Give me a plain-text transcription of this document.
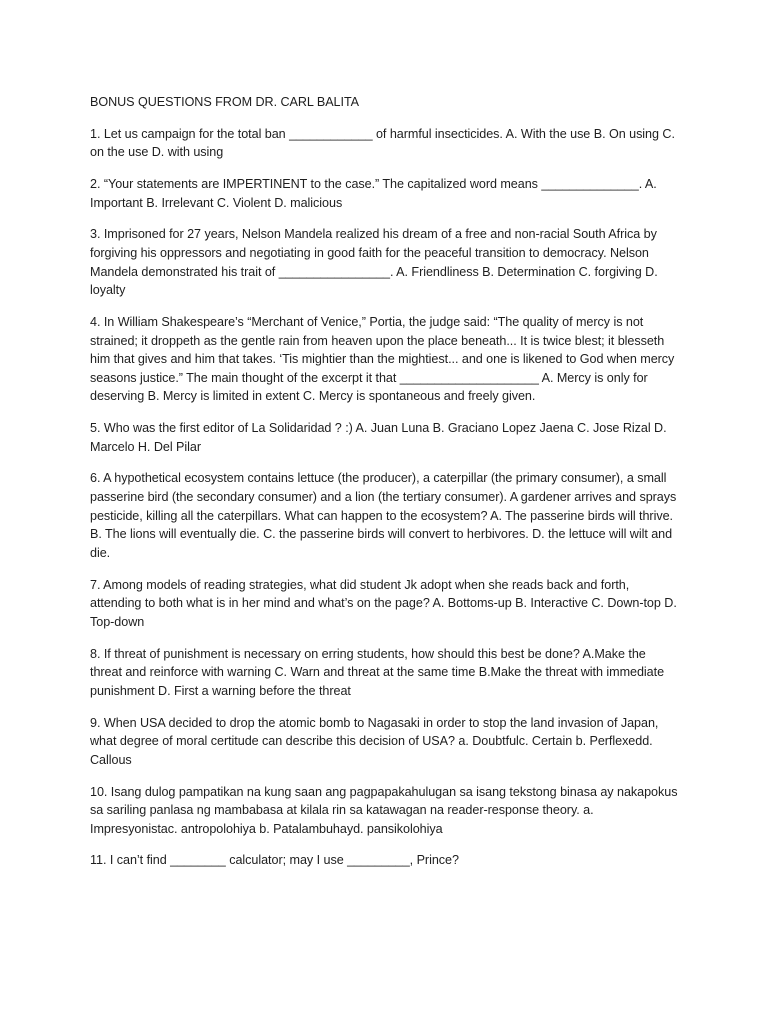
BONUS QUESTIONS FROM DR. CARL BALITA

1. Let us campaign for the total ban ____________ of harmful insecticides. A. With the use B. On using C. on the use D. with using

2. “Your statements are IMPERTINENT to the case.” The capitalized word means ______________. A. Important B. Irrelevant C. Violent D. malicious

3. Imprisoned for 27 years, Nelson Mandela realized his dream of a free and non-racial South Africa by forgiving his oppressors and negotiating in good faith for the peaceful transition to democracy. Nelson Mandela demonstrated his trait of ________________. A. Friendliness B. Determination C. forgiving D. loyalty

4. In William Shakespeare’s “Merchant of Venice,” Portia, the judge said: “The quality of mercy is not strained; it droppeth as the gentle rain from heaven upon the place beneath... It is twice blest; it blesseth him that gives and him that takes. ‘Tis mightier than the mightiest... and one is likened to God when mercy seasons justice.” The main thought of the excerpt it that ____________________ A. Mercy is only for deserving B. Mercy is limited in extent C. Mercy is spontaneous and freely given.

5. Who was the first editor of La Solidaridad ? :) A. Juan Luna B. Graciano Lopez Jaena C. Jose Rizal D. Marcelo H. Del Pilar

6. A hypothetical ecosystem contains lettuce (the producer), a caterpillar (the primary consumer), a small passerine bird (the secondary consumer) and a lion (the tertiary consumer). A gardener arrives and sprays pesticide, killing all the caterpillars. What can happen to the ecosystem? A. The passerine birds will thrive. B. The lions will eventually die. C. the passerine birds will convert to herbivores. D. the lettuce will wilt and die.

7. Among models of reading strategies, what did student Jk adopt when she reads back and forth, attending to both what is in her mind and what’s on the page? A. Bottoms-up B. Interactive C. Down-top D. Top-down

8. If threat of punishment is necessary on erring students, how should this best be done? A.Make the threat and reinforce with warning C. Warn and threat at the same time B.Make the threat with immediate punishment D. First a warning before the threat

9. When USA decided to drop the atomic bomb to Nagasaki in order to stop the land invasion of Japan, what degree of moral certitude can describe this decision of USA? a. Doubtfulc. Certain b. Perflexedd. Callous

10. Isang dulog pampatikan na kung saan ang pagpapakahulugan sa isang tekstong binasa ay nakapokus sa sariling panlasa ng mambabasa at kilala rin sa katawagan na reader-response theory. a. Impresyonistac. antropolohiya b. Patalambuhayd. pansikolohiya

11. I can’t find ________ calculator; may I use _________, Prince?
